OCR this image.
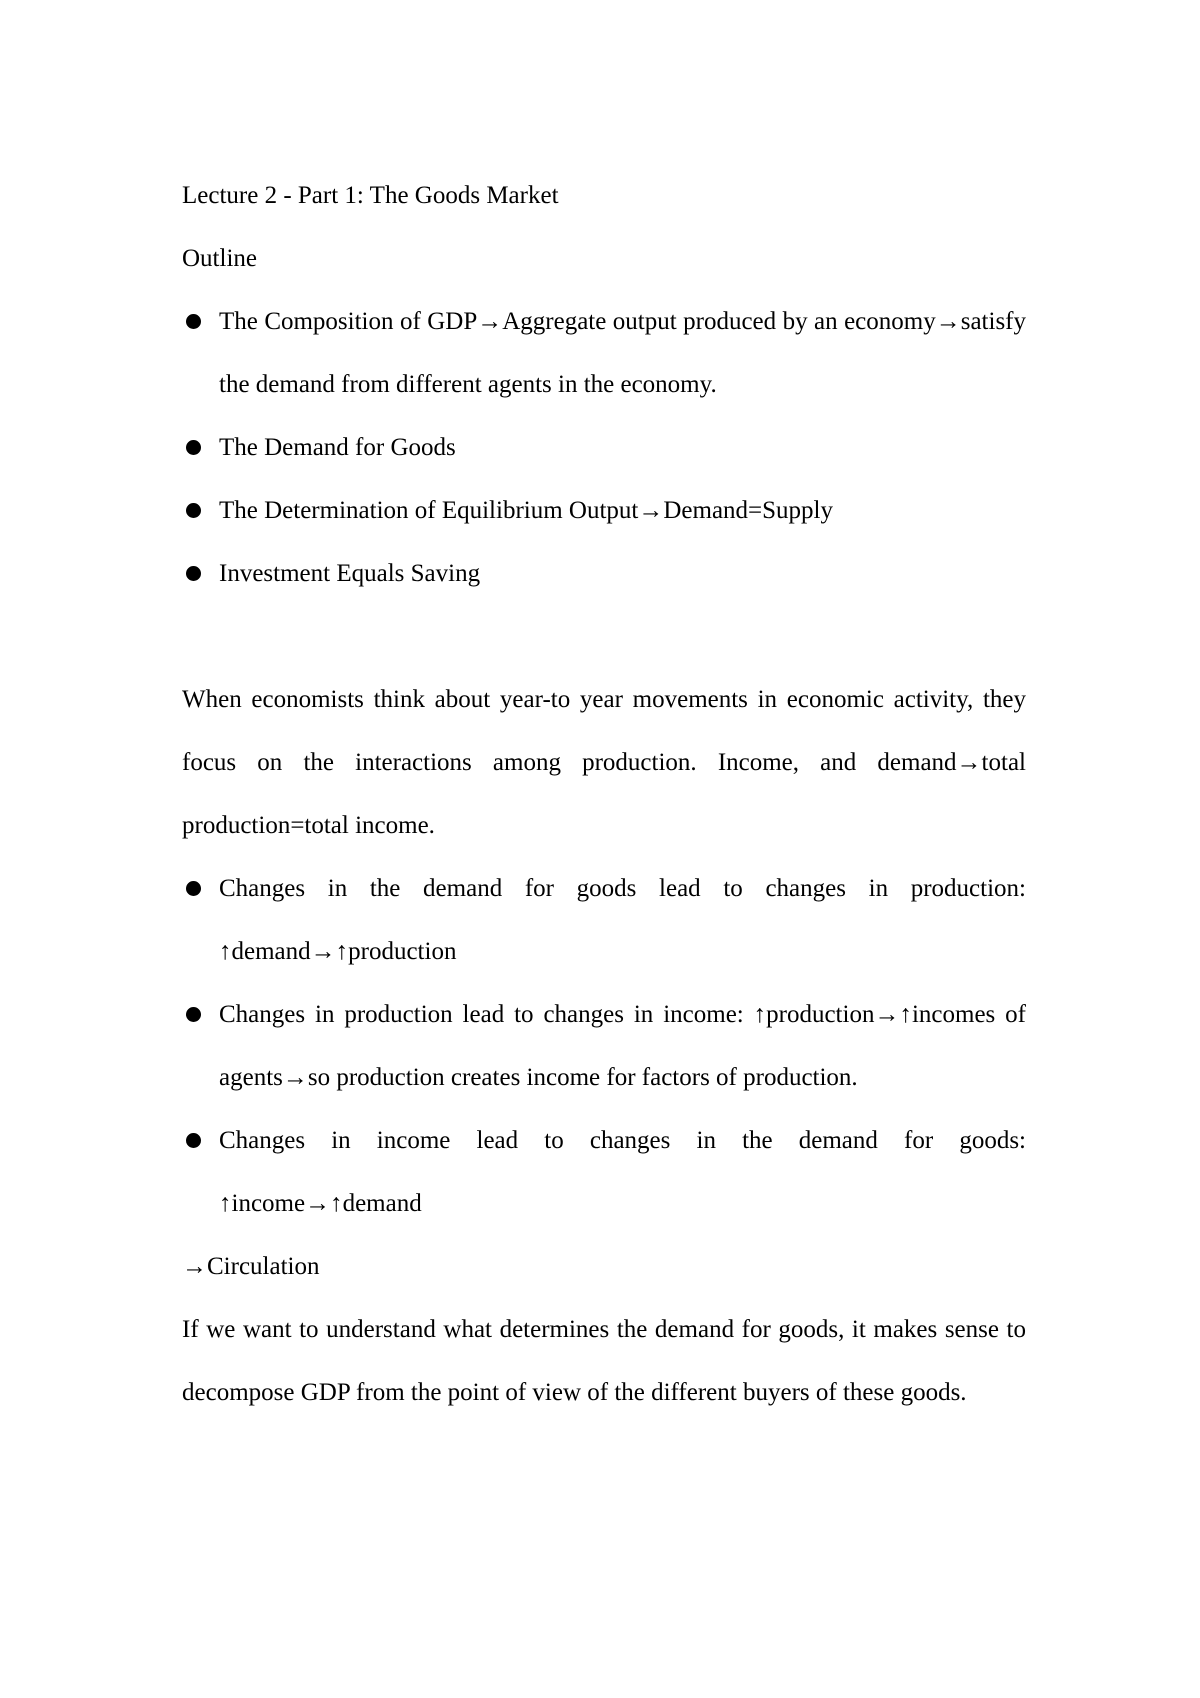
Lecture 2 - Part 1: The Goods Market

Outline

The Composition of GDP→Aggregate output produced by an economy→satisfy the demand from different agents in the economy.
The Demand for Goods
The Determination of Equilibrium Output→Demand=Supply
Investment Equals Saving

When economists think about year-to year movements in economic activity, they focus on the interactions among production. Income, and demand→total production=total income.

Changes in the demand for goods lead to changes in production: ↑demand→↑production
Changes in production lead to changes in income: ↑production→↑incomes of agents→so production creates income for factors of production.
Changes in income lead to changes in the demand for goods: ↑income→↑demand

→Circulation

If we want to understand what determines the demand for goods, it makes sense to decompose GDP from the point of view of the different buyers of these goods.
